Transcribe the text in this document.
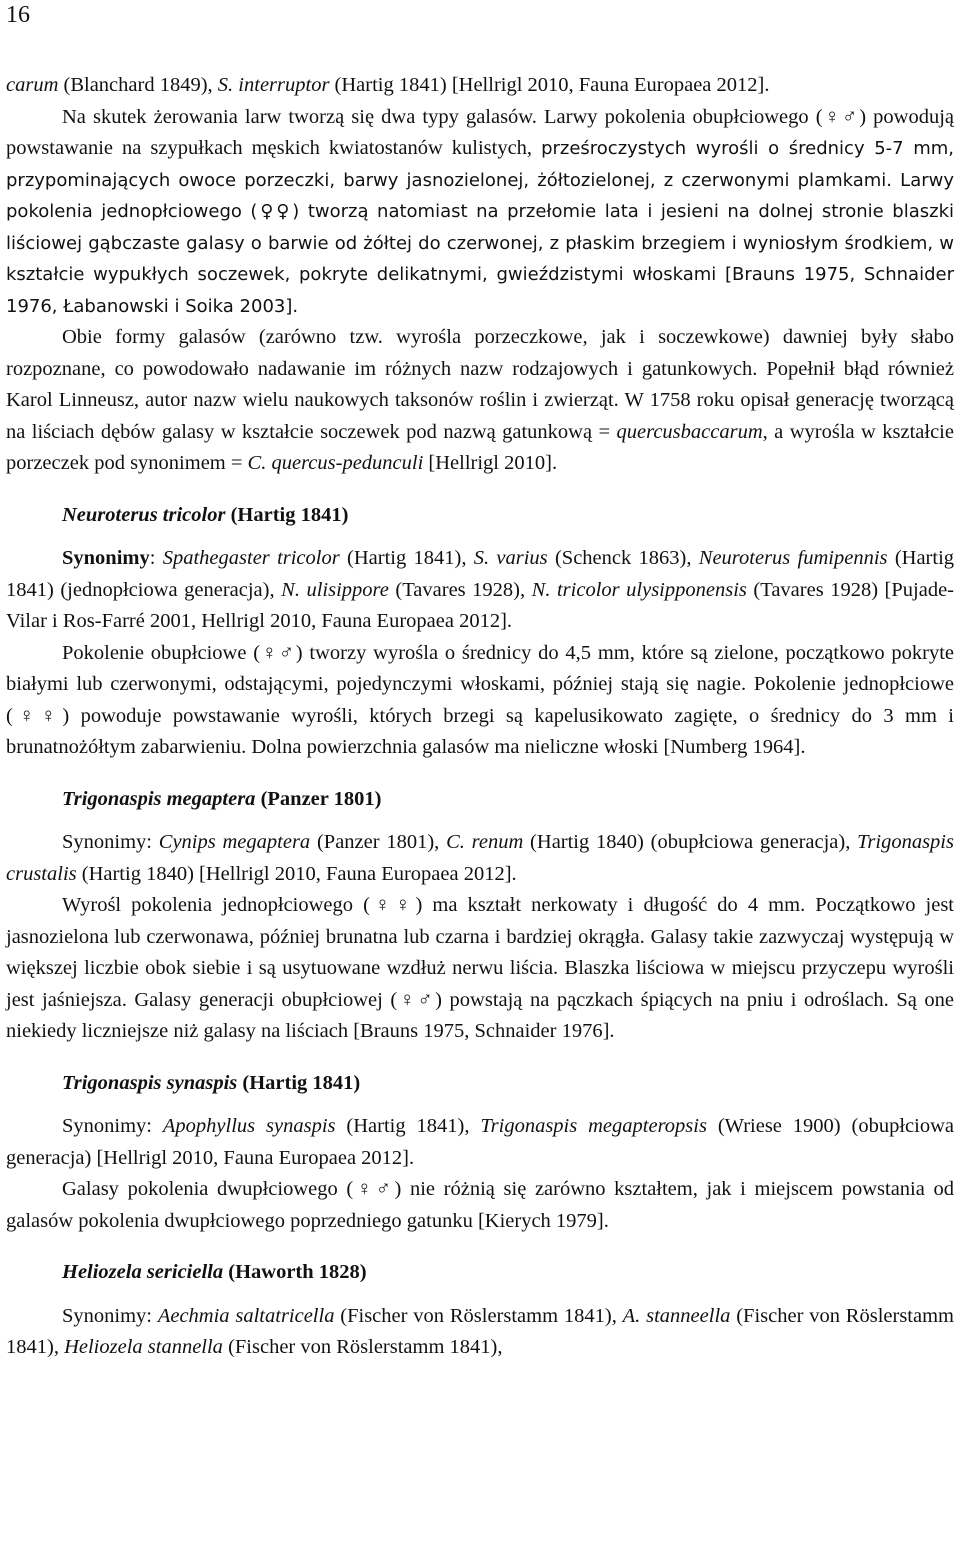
16

carum (Blanchard 1849), S. interruptor (Hartig 1841) [Hellrigl 2010, Fauna Europaea 2012].

Na skutek żerowania larw tworzą się dwa typy galasów. Larwy pokolenia obupłciowego (♀♂) powodują powstawanie na szypułkach męskich kwiatostanów kulistych, prześroczystych wyrośli o średnicy 5-7 mm, przypominających owoce porzeczki, barwy jasnozielonej, żółtozielonej, z czerwonymi plamkami. Larwy pokolenia jednopłciowego (♀♀) tworzą natomiast na przełomie lata i jesieni na dolnej stronie blaszki liściowej gąbczaste galasy o barwie od żółtej do czerwonej, z płaskim brzegiem i wyniosłym środkiem, w kształcie wypukłych soczewek, pokryte delikatnymi, gwieździstymi włoskami [Brauns 1975, Schnaider 1976, Łabanowski i Soika 2003].

Obie formy galasów (zarówno tzw. wyrośla porzeczkowe, jak i soczewkowe) dawniej były słabo rozpoznane, co powodowało nadawanie im różnych nazw rodzajowych i gatunkowych. Popełnił błąd również Karol Linneusz, autor nazw wielu naukowych taksonów roślin i zwierząt. W 1758 roku opisał generację tworzącą na liściach dębów galasy w kształcie soczewek pod nazwą gatunkową = quercusbaccarum, a wyrośla w kształcie porzeczek pod synonimem = C. quercus-pedunculi [Hellrigl 2010].

Neuroterus tricolor (Hartig 1841)

Synonimy: Spathegaster tricolor (Hartig 1841), S. varius (Schenck 1863), Neuroterus fumipennis (Hartig 1841) (jednopłciowa generacja), N. ulisippore (Tavares 1928), N. tricolor ulysipponensis (Tavares 1928) [Pujade-Vilar i Ros-Farré 2001, Hellrigl 2010, Fauna Europaea 2012].

Pokolenie obupłciowe (♀♂) tworzy wyrośla o średnicy do 4,5 mm, które są zielone, początkowo pokryte białymi lub czerwonymi, odstającymi, pojedynczymi włoskami, później stają się nagie. Pokolenie jednopłciowe (♀♀) powoduje powstawanie wyrośli, których brzegi są kapelusikowato zagięte, o średnicy do 3 mm i brunatnożółtym zabarwieniu. Dolna powierzchnia galasów ma nieliczne włoski [Numberg 1964].

Trigonaspis megaptera (Panzer 1801)

Synonimy: Cynips megaptera (Panzer 1801), C. renum (Hartig 1840) (obupłciowa generacja), Trigonaspis crustalis (Hartig 1840) [Hellrigl 2010, Fauna Europaea 2012].

Wyrośl pokolenia jednopłciowego (♀♀) ma kształt nerkowaty i długość do 4 mm. Początkowo jest jasnozielona lub czerwonawa, później brunatna lub czarna i bardziej okrągła. Galasy takie zazwyczaj występują w większej liczbie obok siebie i są usytuowane wzdłuż nerwu liścia. Blaszka liściowa w miejscu przyczepu wyrośli jest jaśniejsza. Galasy generacji obupłciowej (♀♂) powstają na pączkach śpiących na pniu i odroślach. Są one niekiedy liczniejsze niż galasy na liściach [Brauns 1975, Schnaider 1976].

Trigonaspis synaspis (Hartig 1841)

Synonimy: Apophyllus synaspis (Hartig 1841), Trigonaspis megapteropsis (Wriese 1900) (obupłciowa generacja) [Hellrigl 2010, Fauna Europaea 2012].

Galasy pokolenia dwupłciowego (♀♂) nie różnią się zarówno kształtem, jak i miejscem powstania od galasów pokolenia dwupłciowego poprzedniego gatunku [Kierych 1979].

Heliozela sericiella (Haworth 1828)

Synonimy: Aechmia saltatricella (Fischer von Röslerstamm 1841), A. stanneella (Fischer von Röslerstamm 1841), Heliozela stannella (Fischer von Röslerstamm 1841),
